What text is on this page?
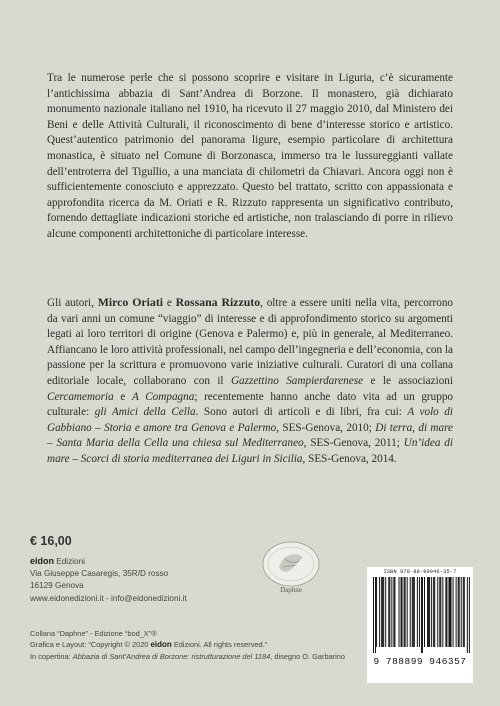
Tra le numerose perle che si possono scoprire e visitare in Liguria, c’è sicuramente l’antichissima abbazia di Sant’Andrea di Borzone. Il monastero, già dichiarato monumento nazionale italiano nel 1910, ha ricevuto il 27 maggio 2010, dal Ministero dei Beni e delle Attività Culturali, il riconoscimento di bene d’interesse storico e artistico. Quest’autentico patrimonio del panorama ligure, esempio particolare di architettura monastica, è situato nel Comune di Borzonasca, immerso tra le lussureggianti vallate dell’entroterra del Tigullio, a una manciata di chilometri da Chiavari. Ancora oggi non è sufficientemente conosciuto e apprezzato. Questo bel trattato, scritto con appassionata e approfondita ricerca da M. Oriati e R. Rizzuto rappresenta un significativo contributo, fornendo dettagliate indicazioni storiche ed artistiche, non tralasciando di porre in rilievo alcune componenti architettoniche di particolare interesse.

Gli autori, Mirco Oriati e Rossana Rizzuto, oltre a essere uniti nella vita, percorrono da vari anni un comune “viaggio” di interesse e di approfondimento storico su argomenti legati ai loro territori di origine (Genova e Palermo) e, più in generale, al Mediterraneo. Affiancano le loro attività professionali, nel campo dell’ingegneria e dell’economia, con la passione per la scrittura e promuovono varie iniziative culturali. Curatori di una collana editoriale locale, collaborano con il Gazzettino Sampierdarenese e le associazioni Cercamemoria e A Compagna; recentemente hanno anche dato vita ad un gruppo culturale: gli Amici della Cella. Sono autori di articoli e di libri, fra cui: A volo di Gabbiano – Storia e amore tra Genova e Palermo, SES-Genova, 2010; Di terra, di mare – Santa Maria della Cella una chiesa sul Mediterraneo, SES-Genova, 2011; Un’idea di mare – Scorci di storia mediterranea dei Liguri in Sicilia, SES-Genova, 2014.

€ 16,00
eidon Edizioni
Via Giuseppe Casaregis, 35R/D rosso
16129 Genova
www.eidonedizioni.it - info@eidonedizioni.it
Daphne
ISBN 978-88-99946-35-7
9 788899 946357
Collana “Daphne” - Edizione “bod_X”®
Grafica e Layout: “Copyright © 2020 eidon Edizioni. All rights reserved.”
In copertina: Abbazia di Sant’Andrea di Borzone: ristrutturazione del 1184, disegno O. Garbarino
